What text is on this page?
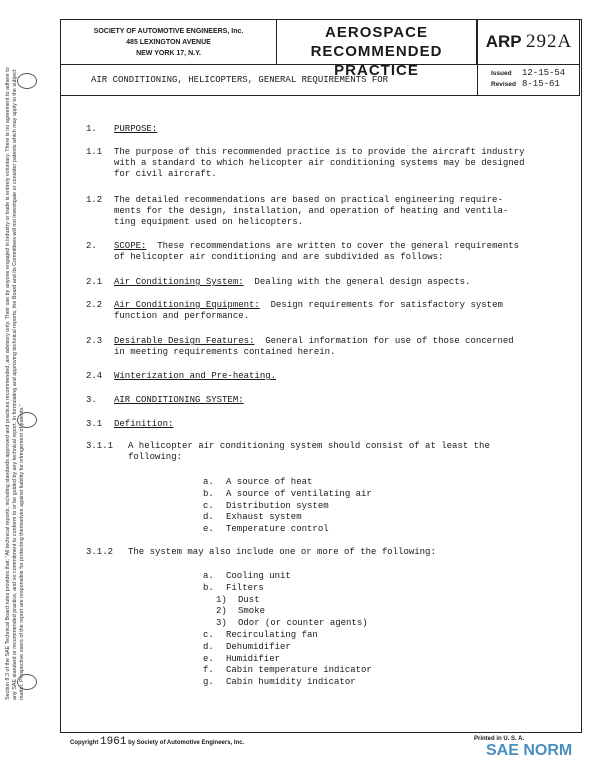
Section 8.3 of the SAE Technical Board rules provides that: "All technical reports, including standards approved and practices recommended, are advisory only. Their use by anyone engaged in industry or trade is entirely voluntary. There is no agreement to adhere to any SAE standard or recommended practice, and no commitment to conform to or be guided by any technical report. In formulating and approving technical reports, the Board and its Committees will not investigate or consider patents which may apply to the subject matter. Prospective users of the report are responsible for protecting themselves against liability for infringement of patents."
SOCIETY OF AUTOMOTIVE ENGINEERS, Inc.
485 LEXINGTON AVENUE
NEW YORK 17, N.Y.
AEROSPACE
RECOMMENDED PRACTICE
ARP 292A
AIR CONDITIONING, HELICOPTERS, GENERAL REQUIREMENTS FOR
Issued 12-15-54
Revised 8-15-61
1. PURPOSE:
1.1 The purpose of this recommended practice is to provide the aircraft industry
with a standard to which helicopter air conditioning systems may be designed
for civil aircraft.
1.2 The detailed recommendations are based on practical engineering require-
ments for the design, installation, and operation of heating and ventila-
ting equipment used on helicopters.
2. SCOPE:  These recommendations are written to cover the general requirements
of helicopter air conditioning and are subdivided as follows:
2.1 Air Conditioning System:  Dealing with the general design aspects.
2.2 Air Conditioning Equipment:  Design requirements for satisfactory system
function and performance.
2.3 Desirable Design Features:  General information for use of those concerned
in meeting requirements contained herein.
2.4 Winterization and Pre-heating.
3. AIR CONDITIONING SYSTEM:
3.1 Definition:
3.1.1 A helicopter air conditioning system should consist of at least the
following:
3.1.2 The system may also include one or more of the following:
a. A source of heat
b. A source of ventilating air
c. Distribution system
d. Exhaust system
e. Temperature control
a. Cooling unit
b. Filters
1) Dust
2) Smoke
3) Odor (or counter agents)
c. Recirculating fan
d. Dehumidifier
e. Humidifier
f. Cabin temperature indicator
g. Cabin humidity indicator
Copyright 1961 by Society of Automotive Engineers, Inc.
Printed in U. S. A.
SAE NORM
